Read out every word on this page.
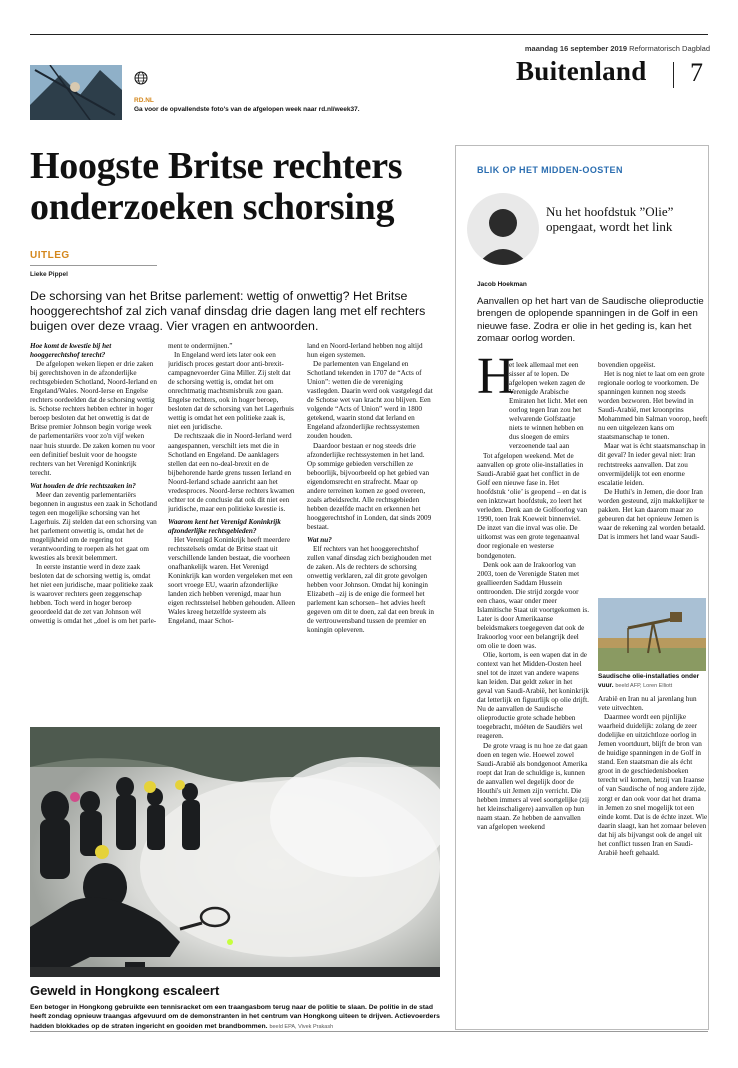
maandag 16 september 2019 Reformatorisch Dagblad
Buitenland 7
RD.NL
Ga voor de opvallendste foto's van de afgelopen week naar rd.nl/week37.
Hoogste Britse rechters
onderzoeken schorsing
UITLEG
Lieke Pippel
De schorsing van het Britse parlement: wettig of onwettig? Het Britse hooggerechtshof zal zich vanaf dinsdag drie dagen lang met elf rechters buigen over deze vraag. Vier vragen en antwoorden.

Hoe komt de kwestie bij het hooggerechtshof terecht?

De afgelopen weken liepen er drie zaken bij gerechtshoven in de afzonderlijke rechtsgebieden Schotland, Noord-Ierland en Engeland/Wales. Noord-Ierse en Engelse rechters oordeelden dat de schorsing wettig is. Schotse rechters hebben echter in hoger beroep besloten dat het onwettig is dat de Britse premier Johnson begin vorige week de parlementariërs voor zo'n vijf weken naar huis stuurde. De zaken komen nu voor een definitief besluit voor de hoogste rechters van het Verenigd Koninkrijk terecht.

Wat houden de drie rechtszaken in?

Meer dan zeventig parlementariërs begonnen in augustus een zaak in Schotland tegen een mogelijke schorsing van het Lagerhuis. Zij stelden dat een schorsing van het parlement onwettig is, omdat het de mogelijkheid om de regering tot verantwoording te roepen als het gaat om kwesties als brexit belemmert.

In eerste instantie werd in deze zaak besloten dat de schorsing wettig is, omdat het niet een juridische, maar politieke zaak is waarover rechters geen zeggenschap hebben. Toch werd in hoger beroep geoordeeld dat de zet van Johnson wél onwettig is omdat het „doel is om het parle-

ment te ondermijnen.”

In Engeland werd iets later ook een juridisch proces gestart door anti-brexit-campagnevoerder Gina Miller. Zij stelt dat de schorsing wettig is, omdat het om onrechtmatig machtsmisbruik zou gaan. Engelse rechters, ook in hoger beroep, besloten dat de schorsing van het Lagerhuis wettig is omdat het een politieke zaak is, niet een juridische.

De rechtszaak die in Noord-Ierland werd aangespannen, verschilt iets met die in Schotland en Engeland. De aanklagers stellen dat een no-deal-brexit en de bijbehorende harde grens tussen Ierland en Noord-Ierland schade aanricht aan het vredesproces. Noord-Ierse rechters kwamen echter tot de conclusie dat ook dit niet een juridische, maar een politieke kwestie is.

Waarom kent het Verenigd Koninkrijk afzonderlijke rechtsgebieden?

Het Verenigd Koninkrijk heeft meerdere rechtsstelsels omdat de Britse staat uit verschillende landen bestaat, die voorheen onafhankelijk waren. Het Verenigd Koninkrijk kan worden vergeleken met een soort vroege EU, waarin afzonderlijke landen zich hebben verenigd, maar hun eigen rechtsstelsel hebben gehouden. Alleen Wales kreeg hetzelfde systeem als Engeland, maar Schot-

land en Noord-Ierland hebben nog altijd hun eigen systemen.

De parlementen van Engeland en Schotland tekenden in 1707 de “Acts of Union”: wetten die de vereniging vastlegden. Daarin werd ook vastgelegd dat de Schotse wet van kracht zou blijven. Een volgende “Acts of Union” werd in 1800 getekend, waarin stond dat Ierland en Engeland afzonderlijke rechtssystemen zouden houden.

Daardoor bestaan er nog steeds drie afzonderlijke rechtssystemen in het land. Op sommige gebieden verschillen ze beboorlijk, bijvoorbeeld op het gebied van eigendomsrecht en strafrecht. Maar op andere terreinen komen ze goed overeen, zoals arbeidsrecht. Alle rechtsgebieden hebben dezelfde macht en erkennen het hooggerechtshof in Londen, dat sinds 2009 bestaat.

Wat nu?

Elf rechters van het hooggerechtshof zullen vanaf dinsdag zich bezighouden met de zaken. Als de rechters de schorsing onwettig verklaren, zal dit grote gevolgen hebben voor Johnson. Omdat hij koningin Elizabeth –zij is de enige die formeel het parlement kan schorsen– het advies heeft gegeven om dit te doen, zal dat een breuk in de vertrouwensband tussen de premier en koningin opleveren.

Geweld in Hongkong escaleert
Een betoger in Hongkong gebruikte een tennisracket om een traangasbom terug naar de politie te slaan. De politie in de stad heeft zondag opnieuw traangas afgevuurd om de demonstranten in het centrum van Hongkong uiteen te drijven. Actievoerders hadden blokkades op de straten ingericht en gooiden met brandbommen. beeld EPA, Vivek Prakash
BLIK OP HET MIDDEN-OOSTEN
Nu het hoofdstuk ”Olie” opengaat, wordt het link
Jacob Hoekman
Aanvallen op het hart van de Saudische olieproductie brengen de oplopende spanningen in de Golf in een nieuwe fase. Zodra er olie in het geding is, kan het zomaar oorlog worden.
H
et leek allemaal met een sisser af te lopen. De afgelopen weken zagen de Verenigde Arabische Emiraten het licht. Met een oorlog tegen Iran zou het welvarende Golfstaatje niets te winnen hebben en dus sloegen de emirs verzoenende taal aan

Tot afgelopen weekend. Met de aanvallen op grote olie-installaties in Saudi-Arabië gaat het conflict in de Golf een nieuwe fase in. Het hoofdstuk ‘olie’ is geopend – en dat is een inktzwart hoofdstuk, zo leert het verleden. Denk aan de Golfoorlog van 1990, toen Irak Koeweit binnenviel. De inzet van die inval was olie. De uitkomst was een grote tegenaanval door regionale en westerse bondgenoten.

Denk ook aan de Irakoorlog van 2003, toen de Verenigde Staten met geallieerden Saddam Hussein onttroonden. Die strijd zorgde voor een chaos, waar onder meer Islamitische Staat uit voortgekomen is. Later is door Amerikaanse beleidsmakers toegegeven dat ook de Irakoorlog voor een belangrijk deel om olie te doen was.

Olie, kortom, is een wapen dat in de context van het Midden-Oosten heel snel tot de inzet van andere wapens kan leiden. Dat geldt zeker in het geval van Saudi-Arabië, het koninkrijk dat letterlijk en figuurlijk op olie drijft. Nu de aanvallen de Saudische olieproductie grote schade hebben toegebracht, móéten de Saudiërs wel reageren.

De grote vraag is nu hoe ze dat gaan doen en tegen wie. Hoewel zowel Saudi-Arabië als bondgenoot Amerika roept dat Iran de schuldige is, kunnen de aanvallen wel degelijk door de Houthi's uit Jemen zijn verricht. Die hebben immers al veel soortgelijke (zij het kleinschaligere) aanvallen op hun naam staan. Ze hebben de aanvallen van afgelopen weekend

bovendien opgeëist.

Het is nog niet te laat om een grote regionale oorlog te voorkomen. De spanningen kunnen nog steeds worden bezworen. Het bewind in Saudi-Arabië, met kroonprins Mohammed bin Salman voorop, heeft nu een uitgelezen kans om staatsmanschap te tonen.

Maar wat is écht staatsmanschap in dit geval? In ieder geval niet: Iran rechtstreeks aanvallen. Dat zou onvermijdelijk tot een enorme escalatie leiden.

De Huthi's in Jemen, die door Iran worden gesteund, zijn makkelijker te pakken. Het kan daarom maar zo gebeuren dat het opnieuw Jemen is waar de rekening zal worden betaald. Dat is immers het land waar Saudi-

Saudische olie-installaties onder vuur. beeld AFP, Loren Elliott

Arabië en Iran nu al jarenlang hun vete uitvechten.

Daarmee wordt een pijnlijke waarheid duidelijk: zolang de zeer dodelijke en uitzichtloze oorlog in Jemen voortduurt, blijft de bron van de huidige spanningen in de Golf in stand. Een staatsman die als écht groot in de geschiedenisboeken terecht wil komen, hetzij van Iraanse of van Saudische of nog andere zijde, zorgt er dan ook voor dat het drama in Jemen zo snel mogelijk tot een einde komt. Dat is de échte inzet. Wie daarin slaagt, kan het zomaar beleven dat hij als bijvangst ook de angel uit het conflict tussen Iran en Saudi-Arabië heeft gehaald.
